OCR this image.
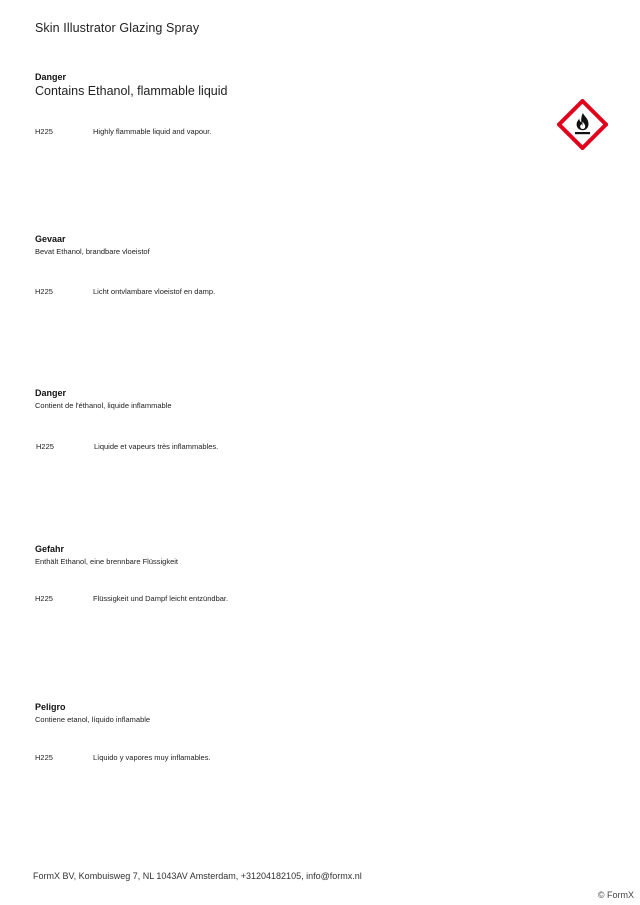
Skin Illustrator Glazing Spray
Danger
Contains Ethanol, flammable liquid
H225	Highly flammable liquid and vapour.
Gevaar
Bevat Ethanol, brandbare vloeistof
H225	Licht ontvlambare vloeistof en damp.
Danger
Contient de l'éthanol, liquide inflammable
H225	Liquide et vapeurs très inflammables.
Gefahr
Enthält Ethanol, eine brennbare Flüssigkeit
H225	Flüssigkeit und Dampf leicht entzündbar.
Peligro
Contiene etanol, líquido inflamable
H225	Líquido y vapores muy inflamables.
FormX BV, Kombuisweg 7, NL 1043AV Amsterdam, +31204182105, info@formx.nl
© FormX
